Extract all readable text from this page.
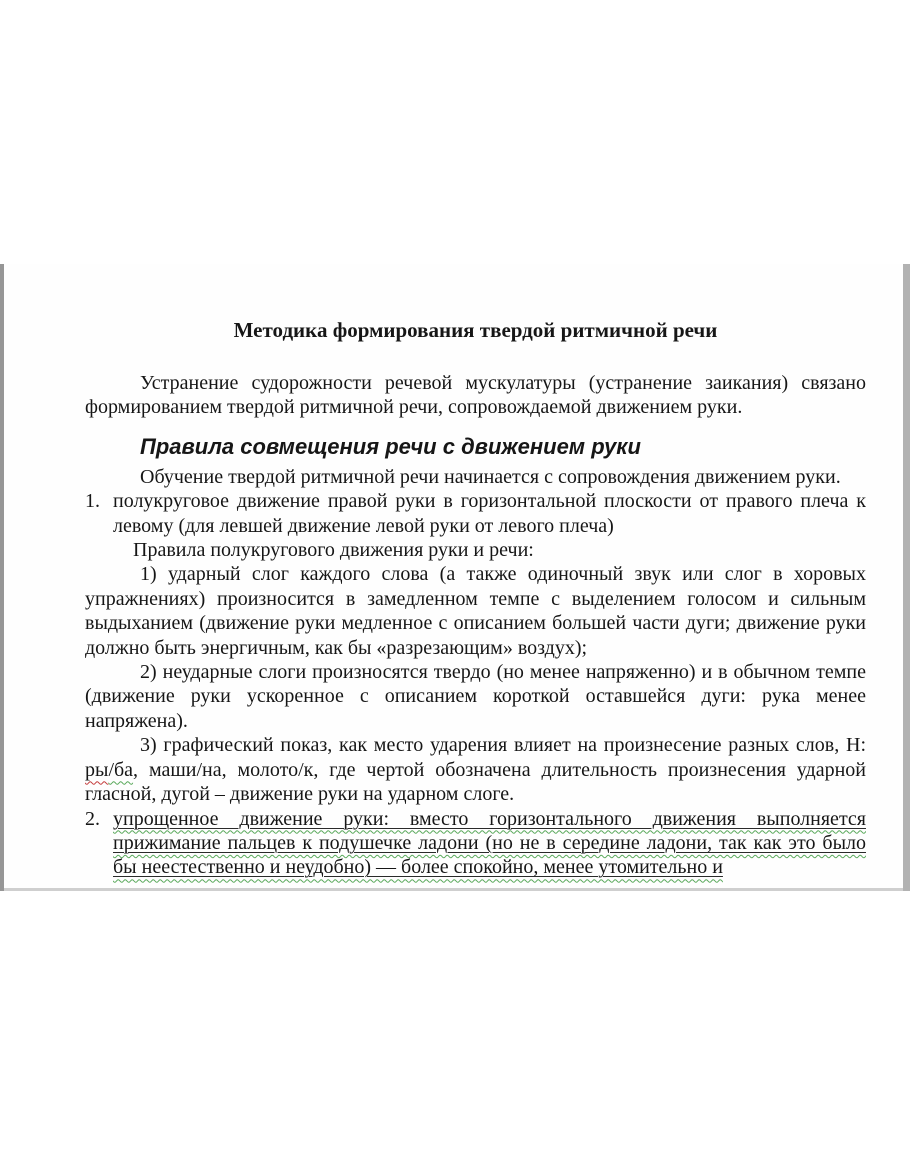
Методика формирования твердой ритмичной речи

Устранение судорожности речевой мускулатуры (устранение заикания) связано формированием твердой ритмичной речи, сопровождаемой движением руки.

Правила совмещения речи с движением руки

Обучение твердой ритмичной речи начинается с сопровождения движением руки.

1. полукруговое движение правой руки в горизонтальной плоскости от правого плеча к левому (для левшей движение левой руки от левого плеча)

Правила полукругового движения руки и речи:

1) ударный слог каждого слова (а также одиночный звук или слог в хоровых упражнениях) произносится в замедленном темпе с выделением голосом и сильным выдыханием (движение руки медленное с описанием большей части дуги; движение руки должно быть энергичным, как бы «разрезающим» воздух);

2) неударные слоги произносятся твердо (но менее напряженно) и в обычном темпе (движение руки ускоренное с описанием короткой оставшейся дуги: рука менее напряжена).

3) графический показ, как место ударения влияет на произнесение разных слов, Н: ры/ба, маши/на, молото/к, где чертой обозначена длительность произнесения ударной гласной, дугой – движение руки на ударном слоге.

2. упрощенное движение руки: вместо горизонтального движения выполняется прижимание пальцев к подушечке ладони (но не в середине ладони, так как это было бы неестественно и неудобно) — более спокойно, менее утомительно и
